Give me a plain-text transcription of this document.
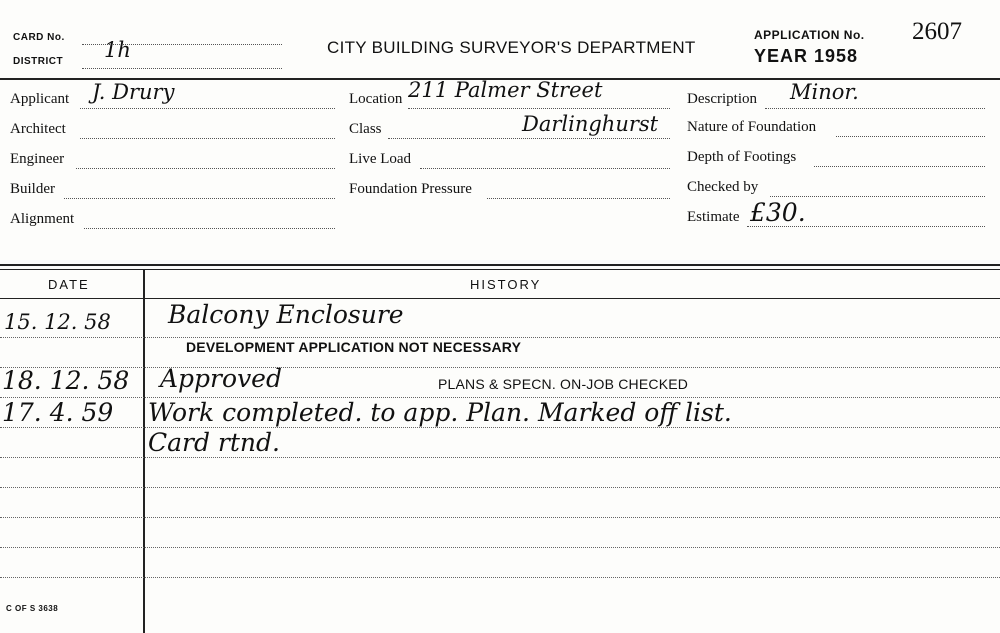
CARD No.
DISTRICT 1h	CITY BUILDING SURVEYOR'S DEPARTMENT
APPLICATION No. 2607
YEAR 1958
Applicant J. Drury
Architect
Engineer
Builder
Alignment
Location 211 Palmer Street
Class	Darlinghurst
Live Load
Foundation Pressure
Description Minor.
Nature of Foundation
Depth of Footings
Checked by
Estimate £30.
DATE	HISTORY
15. 12. 58 Balcony Enclosure
DEVELOPMENT APPLICATION NOT NECESSARY
18. 12. 58 Approved	PLANS & SPECN. ON-JOB CHECKED
17. 4. 59 Work completed. to app. Plan. Marked off list.
Card rtnd.
C OF S 3638
